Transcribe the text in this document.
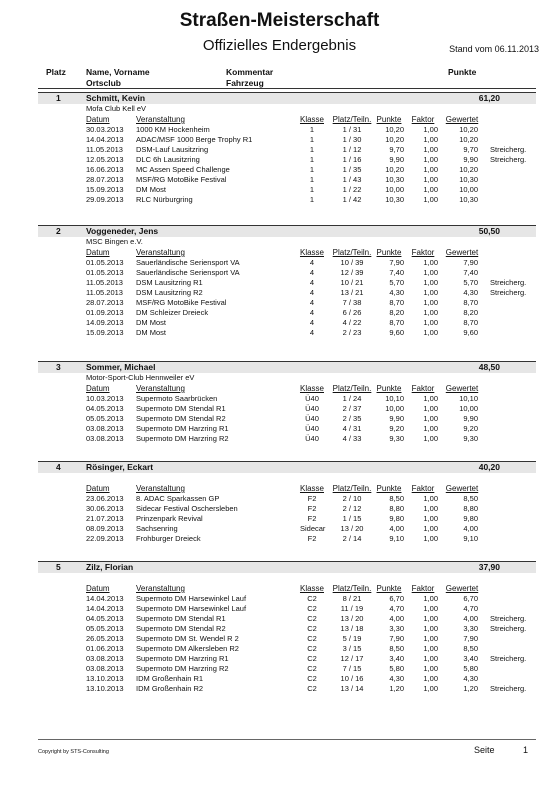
Straßen-Meisterschaft
Offizielles Endergebnis	Stand vom 06.11.2013
Platz Name, Vorname
Ortsclub
Kommentar
Fahrzeug
Punkte
1	Schmitt, Kevin	61,20
Mofa Club Kell eV
Datum	Veranstaltung	Klasse	Platz/Teiln. Punkte	Faktor	Gewertet
30.03.2013 1000 KM Hockenheim	1	1 / 31	10,20	1,00	10,20
14.04.2013 ADAC/MSF 1000 Berge Trophy R1	1	1 / 30	10,20	1,00	10,20
11.05.2013 DSM-Lauf Lausitzring	1	1 / 12	9,70	1,00	9,70 Streicherg.
12.05.2013 DLC 6h Lausitzring	1	1 / 16	9,90	1,00	9,90 Streicherg.
16.06.2013 MC Assen Speed Challenge	1	1 / 35	10,20	1,00	10,20
28.07.2013 MSF/RG MotoBike Festival	1	1 / 43	10,30	1,00	10,30
15.09.2013 DM Most	1	1 / 22	10,00	1,00	10,00
29.09.2013 RLC Nürburgring	1	1 / 42	10,30	1,00	10,30
2	Voggeneder, Jens	50,50
MSC Bingen e.V.
Datum	Veranstaltung	Klasse	Platz/Teiln. Punkte	Faktor	Gewertet
01.05.2013 Sauerländische Seriensport VA	4	10 / 39	7,90	1,00	7,90
01.05.2013 Sauerländische Seriensport VA	4	12 / 39	7,40	1,00	7,40
11.05.2013 DSM Lausitzring R1	4	10 / 21	5,70	1,00	5,70 Streicherg.
11.05.2013 DSM Lausitzring R2	4	13 / 21	4,30	1,00	4,30 Streicherg.
28.07.2013 MSF/RG MotoBike Festival	4	7 / 38	8,70	1,00	8,70
01.09.2013 DM Schleizer Dreieck	4	6 / 26	8,20	1,00	8,20
14.09.2013 DM Most	4	4 / 22	8,70	1,00	8,70
15.09.2013 DM Most	4	2 / 23	9,60	1,00	9,60
3	Sommer, Michael	48,50
Motor-Sport-Club Hennweiler eV
Datum	Veranstaltung	Klasse	Platz/Teiln. Punkte	Faktor	Gewertet
10.03.2013 Supermoto Saarbrücken	Ü40	1 / 24	10,10	1,00	10,10
04.05.2013 Supermoto DM Stendal R1	Ü40	2 / 37	10,00	1,00	10,00
05.05.2013 Supermoto DM Stendal R2	Ü40	2 / 35	9,90	1,00	9,90
03.08.2013 Supermoto DM Harzring R1	Ü40	4 / 31	9,20	1,00	9,20
03.08.2013 Supermoto DM Harzring R2	Ü40	4 / 33	9,30	1,00	9,30
4	Rösinger, Eckart	40,20
Datum	Veranstaltung	Klasse	Platz/Teiln. Punkte	Faktor	Gewertet
23.06.2013 8. ADAC Sparkassen GP	F2	2 / 10	8,50	1,00	8,50
30.06.2013 Sidecar Festival Oschersleben	F2	2 / 12	8,80	1,00	8,80
21.07.2013 Prinzenpark Revival	F2	1 / 15	9,80	1,00	9,80
08.09.2013 Sachsenring	Sidecar	13 / 20	4,00	1,00	4,00
22.09.2013 Frohburger Dreieck	F2	2 / 14	9,10	1,00	9,10
5	Zilz, Florian	37,90
Datum	Veranstaltung	Klasse	Platz/Teiln. Punkte	Faktor	Gewertet
14.04.2013 Supermoto DM Harsewinkel Lauf	C2	8 / 21	6,70	1,00	6,70
14.04.2013 Supermoto DM Harsewinkel Lauf	C2	11 / 19	4,70	1,00	4,70
04.05.2013 Supermoto DM Stendal R1	C2	13 / 20	4,00	1,00	4,00 Streicherg.
05.05.2013 Supermoto DM Stendal R2	C2	13 / 18	3,30	1,00	3,30 Streicherg.
26.05.2013 Supermoto DM St. Wendel R 2	C2	5 / 19	7,90	1,00	7,90
01.06.2013 Supermoto DM Alkersleben R2	C2	3 / 15	8,50	1,00	8,50
03.08.2013 Supermoto DM Harzring R1	C2	12 / 17	3,40	1,00	3,40 Streicherg.
03.08.2013 Supermoto DM Harzring R2	C2	7 / 15	5,80	1,00	5,80
13.10.2013 IDM Großenhain R1	C2	10 / 16	4,30	1,00	4,30
13.10.2013 IDM Großenhain R2	C2	13 / 14	1,20	1,00	1,20 Streicherg.
Copyright by STS-Consulting	Seite	1
